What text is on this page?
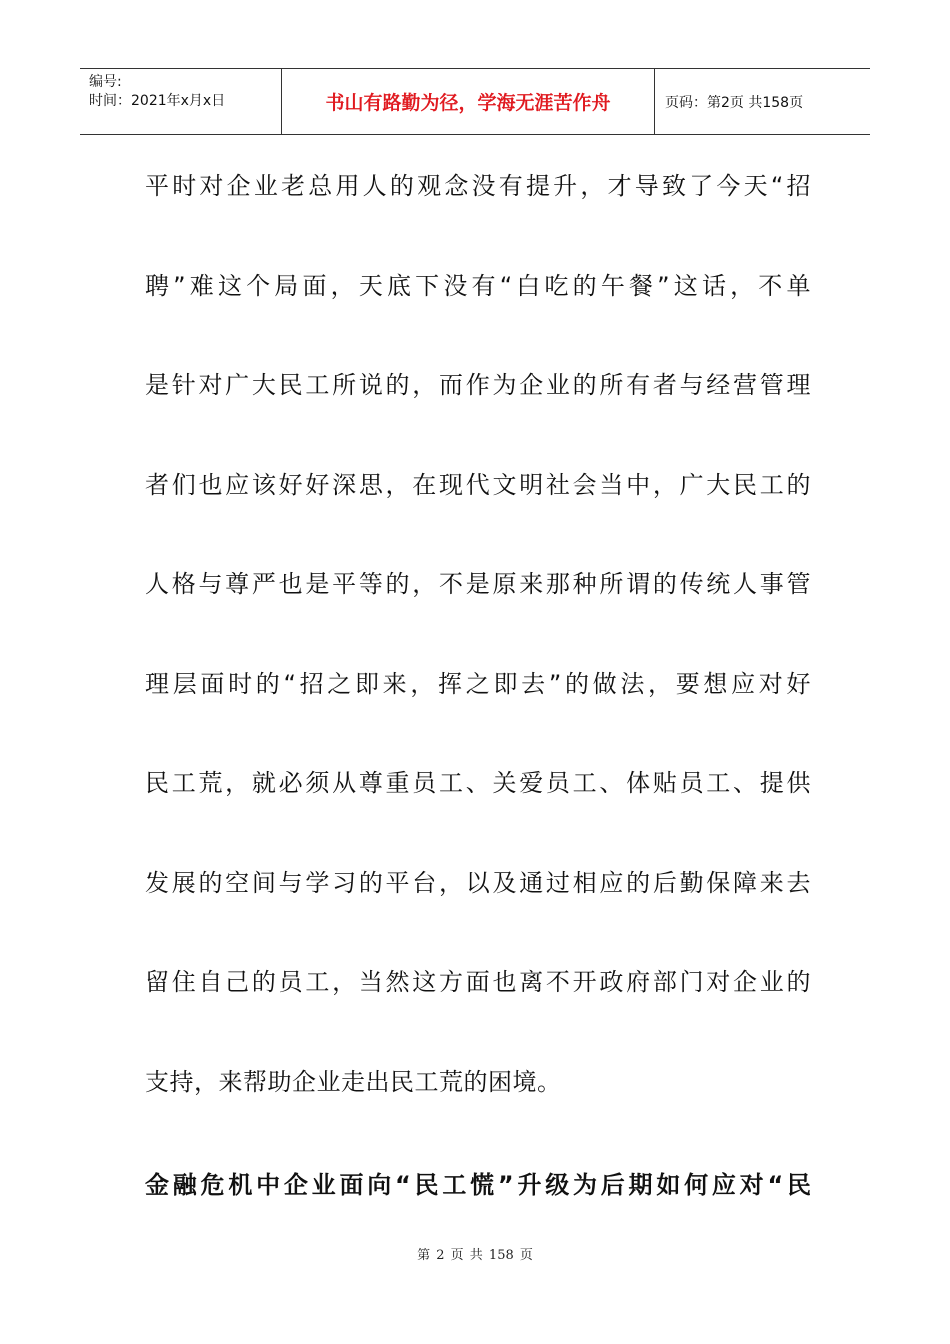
编号:
时间：2021年x月x日	书山有路勤为径，学海无涯苦作舟	页码：第2页 共158页
平时对企业老总用人的观念没有提升，才导致了今天“招
聘”难这个局面，天底下没有“白吃的午餐”这话，不单
是针对广大民工所说的，而作为企业的所有者与经营管理
者们也应该好好深思，在现代文明社会当中，广大民工的
人格与尊严也是平等的，不是原来那种所谓的传统人事管
理层面时的“招之即来，挥之即去”的做法，要想应对好
民工荒，就必须从尊重员工、关爱员工、体贴员工、提供
发展的空间与学习的平台，以及通过相应的后勤保障来去
留住自己的员工，当然这方面也离不开政府部门对企业的
支持，来帮助企业走出民工荒的困境。
金融危机中企业面向“民工慌”升级为后期如何应对“民
第 2 页 共 158 页
